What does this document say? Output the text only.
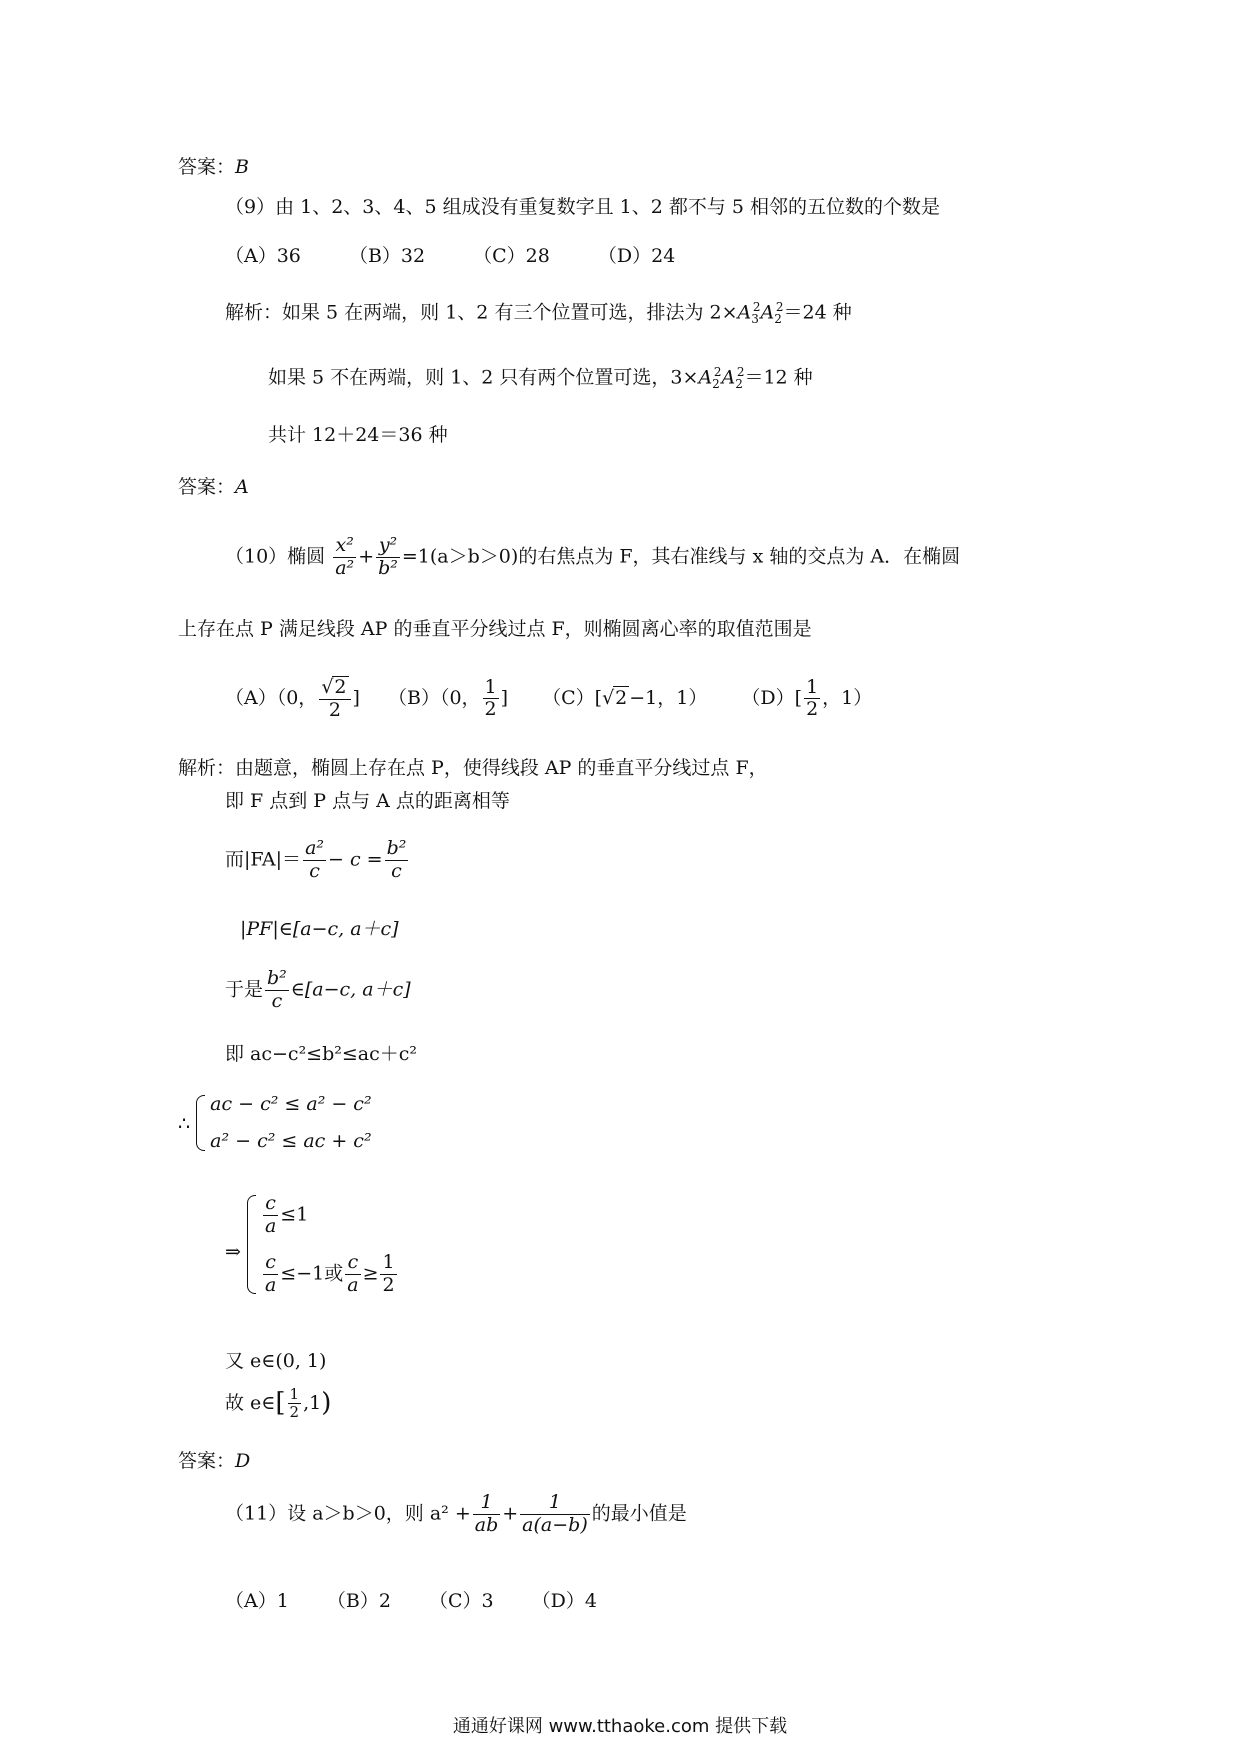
答案：B
（9）由 1、2、3、4、5 组成没有重复数字且 1、2 都不与 5 相邻的五位数的个数是
（A）36	（B）32	（C）28	（D）24
解析：如果 5 在两端，则 1、2 有三个位置可选，排法为 $2\times A_3^2A_2^2=24$ 种
如果 5 不在两端，则 1、2 只有两个位置可选，$3\times A_2^2A_2^2=12$ 种
共计 12＋24＝36 种
答案：A
（10）椭圆 $\frac{\text{x²}}{\text{a²}} + \frac{\text{y²}}{\text{b²}} =1(a>b>0)$的右焦点为 F，其右准线与 x 轴的交点为 A．在椭圆
上存在点 P 满足线段 AP 的垂直平分线过点 F，则椭圆离心率的取值范围是
（A）（0， $\frac{√2}{2}$ ] （B）（0， $\frac{1}{2}$ ] （C）[√2 −1，1） $(D)[ \frac{1}{2}$ ，1）
解析：由题意，椭圆上存在点 P，使得线段 AP 的垂直平分线过点 F，
即 F 点到 P 点与 A 点的距离相等
而$|FA|= \frac{\text{a²}}{c} - c = \frac{\text{b²}}{c}$
|PF|∈[a−c, a＋c]
于是 $\frac{\text{b²}}{c}$ ∈[a−c, a＋c]
即 ac−c²≤b²≤ac＋c²
∴
ac − c² ≤ a² − c²
a² − c² ≤ ac + c²
⇒
$\frac{c}{a} \le 1$
$\frac{c}{a} \le-1$或 $\frac{c}{a} \ge \frac{1}{2}$
又 e∈(0, 1)
故 e∈[ $\frac{1}{2} ,1$)
答案：D
（11）设 a＞b＞0，则 $a^2 + \frac{1}{ab} + \frac{1}{a(a-b)}$ 的最小值是
（A）1 （B）2 （C）3 （D）4
通通好课网 www.tthaoke.com 提供下载
